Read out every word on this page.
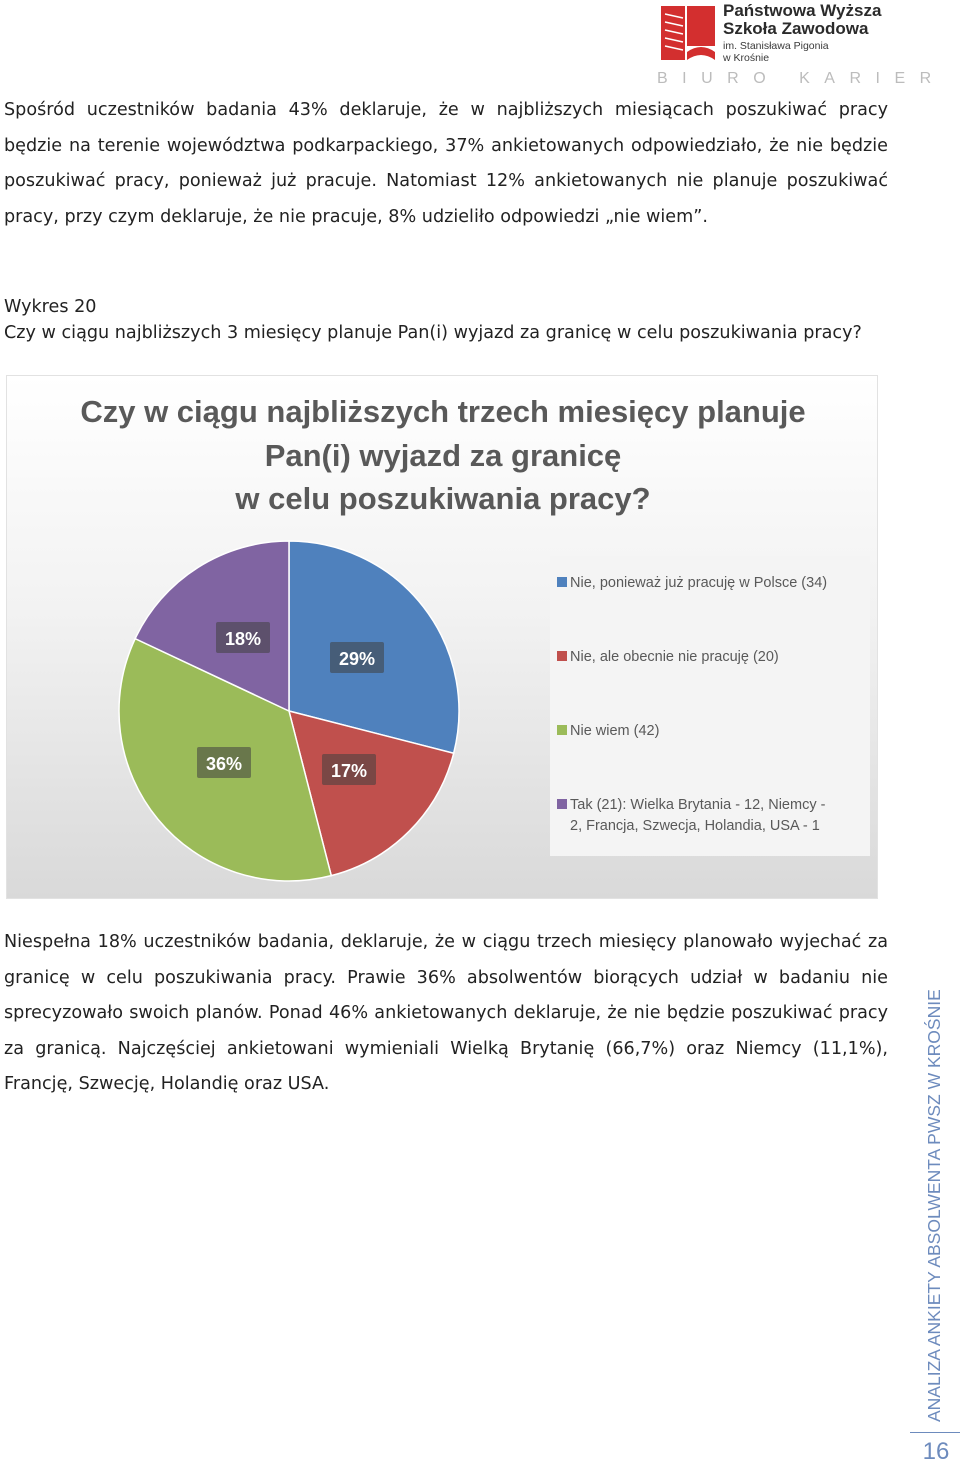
Państwowa Wyższa
Szkoła Zawodowa
im. Stanisława Pigonia
w Krośnie
BIURO KARIER

Spośród uczestników badania 43% deklaruje, że w najbliższych miesiącach poszukiwać pracy będzie na terenie województwa podkarpackiego, 37% ankietowanych odpowiedziało, że nie będzie poszukiwać pracy, ponieważ już pracuje. Natomiast 12% ankietowanych nie planuje poszukiwać pracy, przy czym deklaruje, że nie pracuje, 8% udzieliło odpowiedzi „nie wiem”.

Wykres 20

Czy w ciągu najbliższych 3 miesięcy planuje Pan(i) wyjazd za granicę w celu poszukiwania pracy?

Czy w ciągu najbliższych trzech miesięcy planuje
Pan(i) wyjazd za granicę
w celu poszukiwania pracy?
29%
17%
36%
18%
Nie, ponieważ już pracuję w Polsce (34)
Nie, ale obecnie nie pracuję (20)
Nie wiem (42)
Tak (21): Wielka Brytania - 12, Niemcy -2, Francja, Szwecja, Holandia, USA - 1

Niespełna 18% uczestników badania, deklaruje, że w ciągu trzech miesięcy planowało wyjechać za granicę w celu poszukiwania pracy. Prawie 36% absolwentów biorących udział w badaniu nie sprecyzowało swoich planów. Ponad 46% ankietowanych deklaruje, że nie będzie poszukiwać pracy za granicą. Najczęściej ankietowani wymieniali Wielką Brytanię (66,7%) oraz Niemcy (11,1%), Francję, Szwecję, Holandię oraz USA.	ANALIZA ANKIETY ABSOLWENTA PWSZ W KROŚNIE
16
